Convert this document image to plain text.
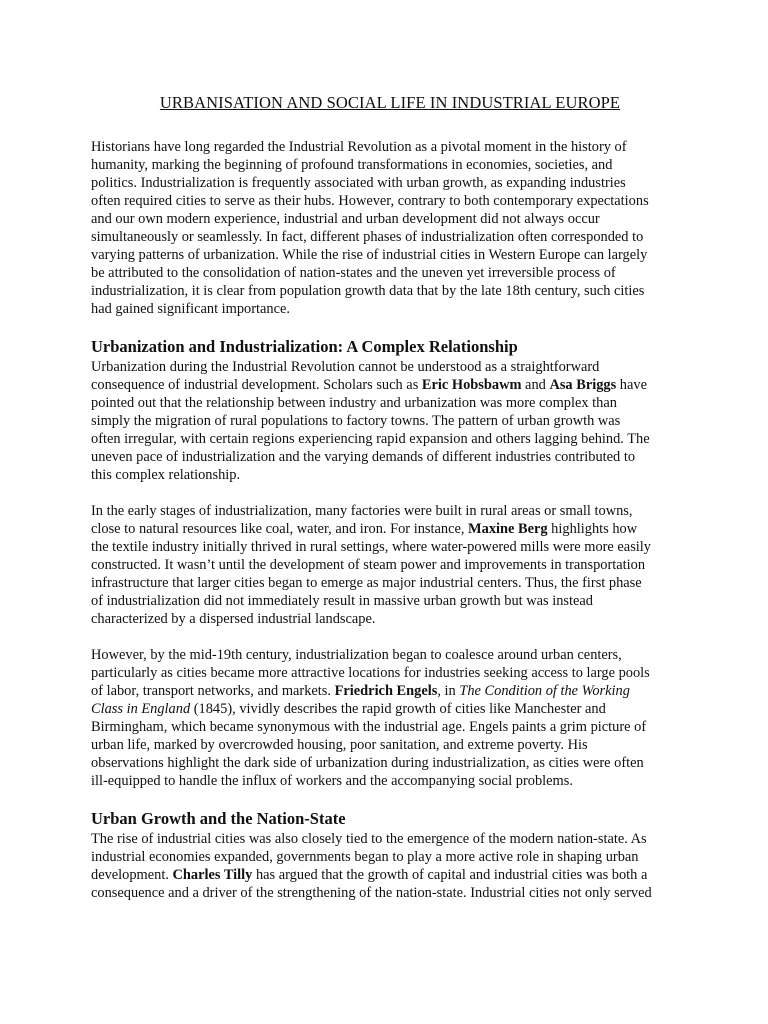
URBANISATION AND SOCIAL LIFE IN INDUSTRIAL EUROPE

Historians have long regarded the Industrial Revolution as a pivotal moment in the history of
humanity, marking the beginning of profound transformations in economies, societies, and
politics. Industrialization is frequently associated with urban growth, as expanding industries
often required cities to serve as their hubs. However, contrary to both contemporary expectations
and our own modern experience, industrial and urban development did not always occur
simultaneously or seamlessly. In fact, different phases of industrialization often corresponded to
varying patterns of urbanization. While the rise of industrial cities in Western Europe can largely
be attributed to the consolidation of nation-states and the uneven yet irreversible process of
industrialization, it is clear from population growth data that by the late 18th century, such cities
had gained significant importance.

Urbanization and Industrialization: A Complex Relationship

Urbanization during the Industrial Revolution cannot be understood as a straightforward
consequence of industrial development. Scholars such as Eric Hobsbawm and Asa Briggs have
pointed out that the relationship between industry and urbanization was more complex than
simply the migration of rural populations to factory towns. The pattern of urban growth was
often irregular, with certain regions experiencing rapid expansion and others lagging behind. The
uneven pace of industrialization and the varying demands of different industries contributed to
this complex relationship.

In the early stages of industrialization, many factories were built in rural areas or small towns,
close to natural resources like coal, water, and iron. For instance, Maxine Berg highlights how
the textile industry initially thrived in rural settings, where water-powered mills were more easily
constructed. It wasn’t until the development of steam power and improvements in transportation
infrastructure that larger cities began to emerge as major industrial centers. Thus, the first phase
of industrialization did not immediately result in massive urban growth but was instead
characterized by a dispersed industrial landscape.

However, by the mid-19th century, industrialization began to coalesce around urban centers,
particularly as cities became more attractive locations for industries seeking access to large pools
of labor, transport networks, and markets. Friedrich Engels, in The Condition of the Working
Class in England (1845), vividly describes the rapid growth of cities like Manchester and
Birmingham, which became synonymous with the industrial age. Engels paints a grim picture of
urban life, marked by overcrowded housing, poor sanitation, and extreme poverty. His
observations highlight the dark side of urbanization during industrialization, as cities were often
ill-equipped to handle the influx of workers and the accompanying social problems.

Urban Growth and the Nation-State

The rise of industrial cities was also closely tied to the emergence of the modern nation-state. As
industrial economies expanded, governments began to play a more active role in shaping urban
development. Charles Tilly has argued that the growth of capital and industrial cities was both a
consequence and a driver of the strengthening of the nation-state. Industrial cities not only served
